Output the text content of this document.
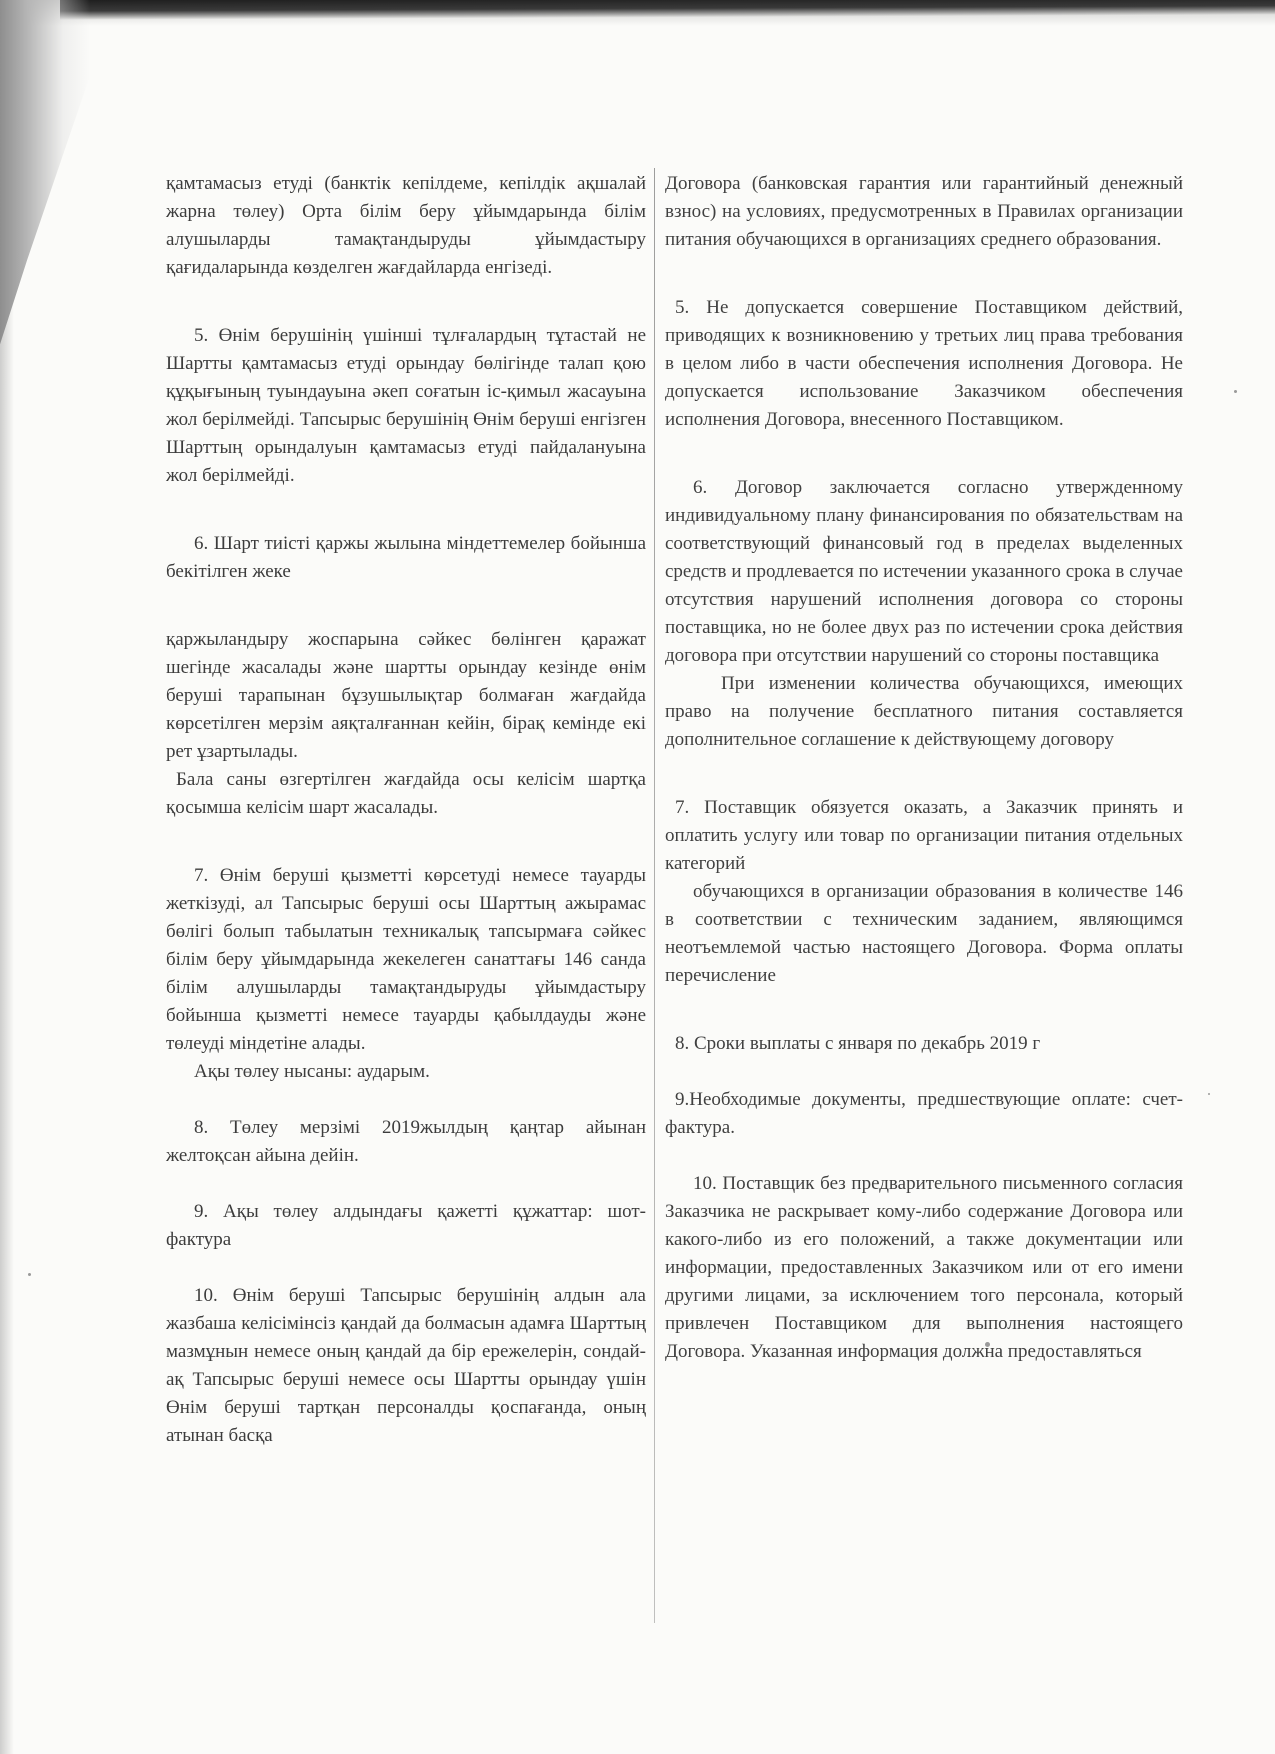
қамтамасыз етуді (банктік кепілдеме, кепілдік ақшалай жарна төлеу) Орта білім беру ұйымдарында білім алушыларды тамақтандыруды ұйымдастыру қағидаларында көзделген жағдайларда енгізеді.

5. Өнім берушінің үшінші тұлғалардың тұтастай не Шартты қамтамасыз етуді орындау бөлігінде талап қою құқығының туындауына әкеп соғатын іс-қимыл жасауына жол берілмейді. Тапсырыс берушінің Өнім беруші енгізген Шарттың орындалуын қамтамасыз етуді пайдалануына жол берілмейді.

6. Шарт тиісті қаржы жылына міндеттемелер бойынша бекітілген жеке

қаржыландыру жоспарына сәйкес бөлінген қаражат шегінде жасалады және шартты орындау кезінде өнім беруші тарапынан бұзушылықтар болмаған жағдайда көрсетілген мерзім аяқталғаннан кейін, бірақ кемінде екі рет ұзартылады.

Бала саны өзгертілген жағдайда осы келісім шартқа қосымша келісім шарт жасалады.

7. Өнім беруші қызметті көрсетуді немесе тауарды жеткізуді, ал Тапсырыс беруші осы Шарттың ажырамас бөлігі болып табылатын техникалық тапсырмаға сәйкес білім беру ұйымдарында жекелеген санаттағы 146 санда білім алушыларды тамақтандыруды ұйымдастыру бойынша қызметті немесе тауарды қабылдауды және төлеуді міндетіне алады.

Ақы төлеу нысаны: аударым.

8. Төлеу мерзімі 2019жылдың қаңтар айынан желтоқсан айына дейін.

9. Ақы төлеу алдындағы қажетті құжаттар: шот-фактура

10. Өнім беруші Тапсырыс берушінің алдын ала жазбаша келісімінсіз қандай да болмасын адамға Шарттың мазмұнын немесе оның қандай да бір ережелерін, сондай-ақ Тапсырыс беруші немесе осы Шартты орындау үшін Өнім беруші тартқан персоналды қоспағанда, оның атынан басқа

Договора (банковская гарантия или гарантийный денежный взнос) на условиях, предусмотренных в Правилах организации питания обучающихся в организациях среднего образования.

5. Не допускается совершение Поставщиком действий, приводящих к возникновению у третьих лиц права требования в целом либо в части обеспечения исполнения Договора. Не допускается использование Заказчиком обеспечения исполнения Договора, внесенного Поставщиком.

6. Договор заключается согласно утвержденному индивидуальному плану финансирования по обязательствам на соответствующий финансовый год в пределах выделенных средств и продлевается по истечении указанного срока в случае отсутствия нарушений исполнения договора со стороны поставщика, но не более двух раз по истечении срока действия договора при отсутствии нарушений со стороны поставщика

При изменении количества обучающихся, имеющих право на получение бесплатного питания составляется дополнительное соглашение к действующему договору

7. Поставщик обязуется оказать, а Заказчик принять и оплатить услугу или товар по организации питания отдельных категорий

обучающихся в организации образования в количестве 146 в соответствии с техническим заданием, являющимся неотъемлемой частью настоящего Договора. Форма оплаты перечисление

8. Сроки выплаты с января по декабрь 2019 г

9.Необходимые документы, предшествующие оплате: счет-фактура.

10. Поставщик без предварительного письменного согласия Заказчика не раскрывает кому-либо содержание Договора или какого-либо из его положений, а также документации или информации, предоставленных Заказчиком или от его имени другими лицами, за исключением того персонала, который привлечен Поставщиком для выполнения настоящего Договора. Указанная информация должна предоставляться
